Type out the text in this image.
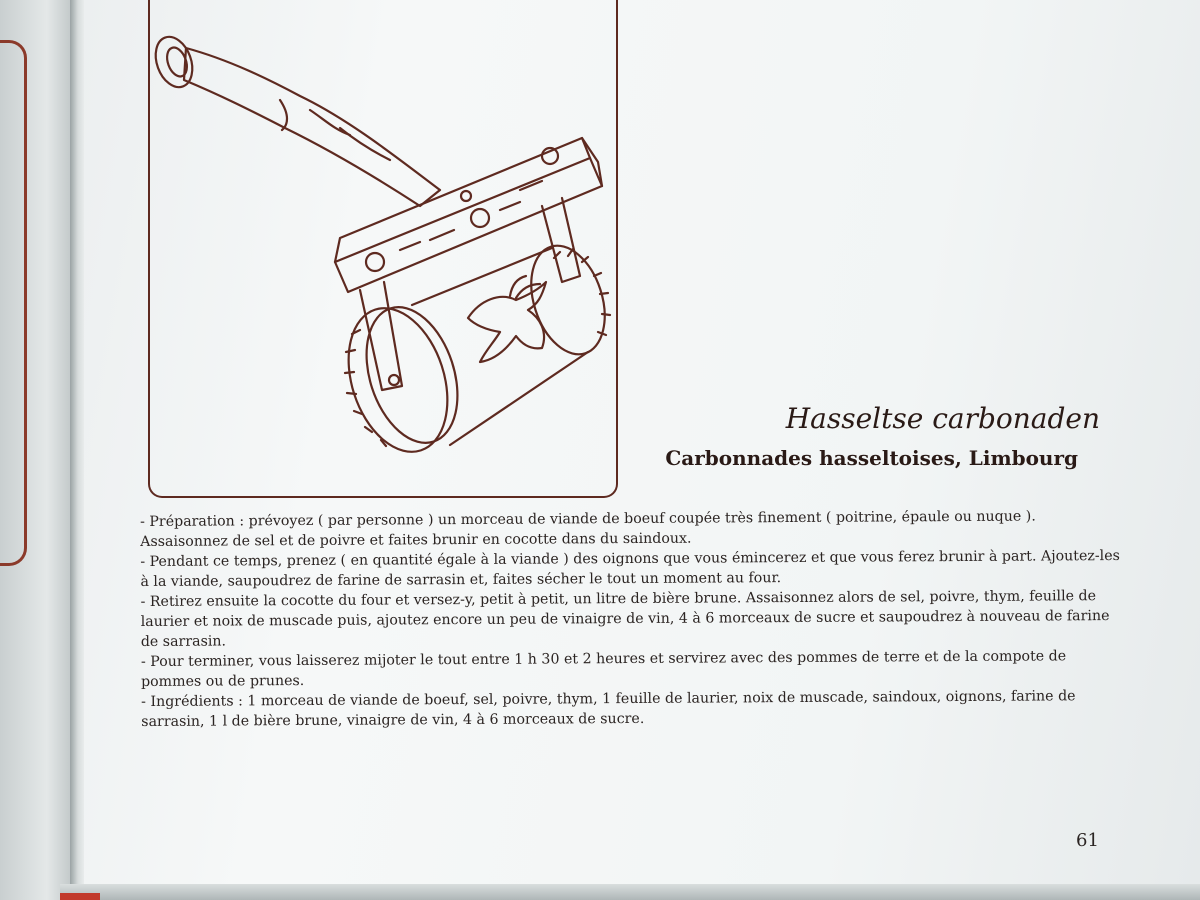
Hasseltse carbonaden
Carbonnades hasseltoises, Limbourg
- Préparation : prévoyez ( par personne ) un morceau de viande de boeuf coupée très finement ( poitrine, épaule ou nuque ).
Assaisonnez de sel et de poivre et faites brunir en cocotte dans du saindoux.
- Pendant ce temps, prenez ( en quantité égale à la viande ) des oignons que vous émincerez et que vous ferez brunir à part. Ajoutez-les
à la viande, saupoudrez de farine de sarrasin et, faites sécher le tout un moment au four.
- Retirez ensuite la cocotte du four et versez-y, petit à petit, un litre de bière brune. Assaisonnez alors de sel, poivre, thym, feuille de
laurier et noix de muscade puis, ajoutez encore un peu de vinaigre de vin, 4 à 6 morceaux de sucre et saupoudrez à nouveau de farine
de sarrasin.
- Pour terminer, vous laisserez mijoter le tout entre 1 h 30 et 2 heures et servirez avec des pommes de terre et de la compote de
pommes ou de prunes.
- Ingrédients : 1 morceau de viande de boeuf, sel, poivre, thym, 1 feuille de laurier, noix de muscade, saindoux, oignons, farine de
sarrasin, 1 l de bière brune, vinaigre de vin, 4 à 6 morceaux de sucre.
61
